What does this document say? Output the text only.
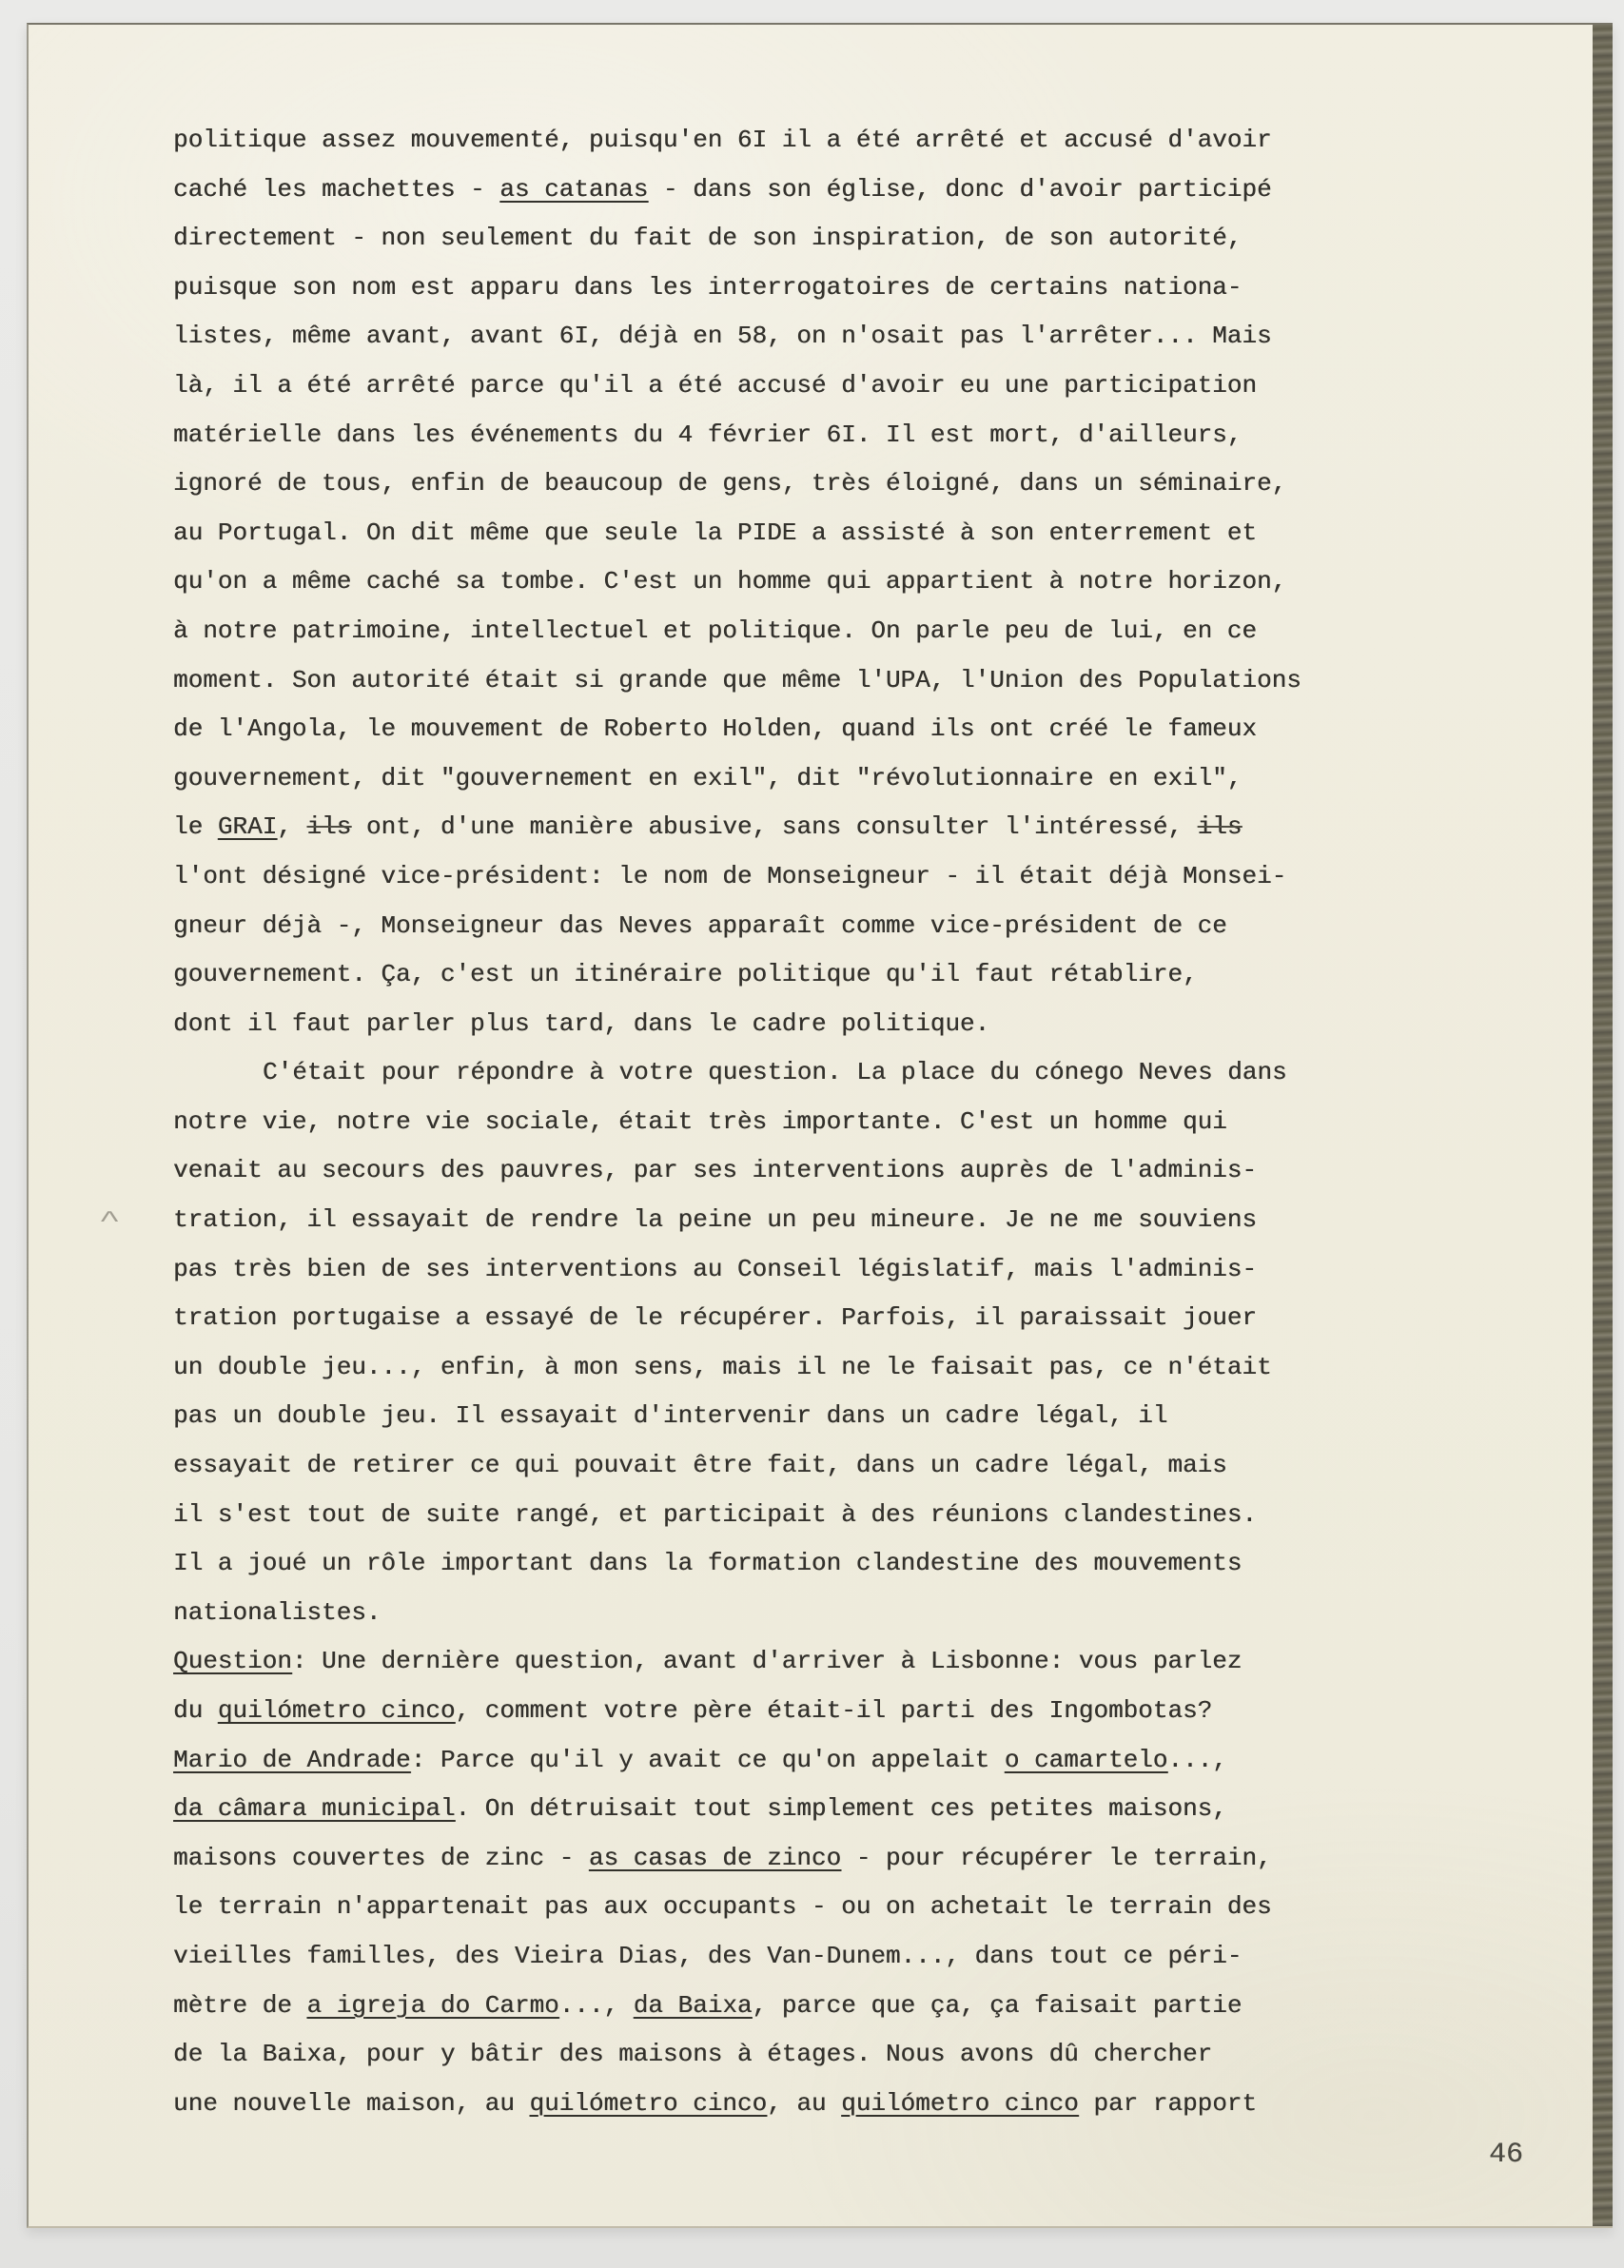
^
politique assez mouvementé, puisqu'en 6I il a été arrêté et accusé d'avoir
caché les machettes - as catanas - dans son église, donc d'avoir participé
directement - non seulement du fait de son inspiration, de son autorité,
puisque son nom est apparu dans les interrogatoires de certains nationa-
listes, même avant, avant 6I, déjà en 58, on n'osait pas l'arrêter... Mais
là, il a été arrêté parce qu'il a été accusé d'avoir eu une participation
matérielle dans les événements du 4 février 6I. Il est mort, d'ailleurs,
ignoré de tous, enfin de beaucoup de gens, très éloigné, dans un séminaire,
au Portugal. On dit même que seule la PIDE a assisté à son enterrement et
qu'on a même caché sa tombe. C'est un homme qui appartient à notre horizon,
à notre patrimoine, intellectuel et politique. On parle peu de lui, en ce
moment. Son autorité était si grande que même l'UPA, l'Union des Populations
de l'Angola, le mouvement de Roberto Holden, quand ils ont créé le fameux
gouvernement, dit "gouvernement en exil", dit "révolutionnaire en exil",
le GRAI, ils ont, d'une manière abusive, sans consulter l'intéressé, ils
l'ont désigné vice-président: le nom de Monseigneur - il était déjà Monsei-
gneur déjà -, Monseigneur das Neves apparaît comme vice-président de ce
gouvernement. Ça, c'est un itinéraire politique qu'il faut rétablire,
dont il faut parler plus tard, dans le cadre politique.
C'était pour répondre à votre question. La place du cónego Neves dans
notre vie, notre vie sociale, était très importante. C'est un homme qui
venait au secours des pauvres, par ses interventions auprès de l'adminis-
tration, il essayait de rendre la peine un peu mineure. Je ne me souviens
pas très bien de ses interventions au Conseil législatif, mais l'adminis-
tration portugaise a essayé de le récupérer. Parfois, il paraissait jouer
un double jeu..., enfin, à mon sens, mais il ne le faisait pas, ce n'était
pas un double jeu. Il essayait d'intervenir dans un cadre légal, il
essayait de retirer ce qui pouvait être fait, dans un cadre légal, mais
il s'est tout de suite rangé, et participait à des réunions clandestines.
Il a joué un rôle important dans la formation clandestine des mouvements
nationalistes.
Question: Une dernière question, avant d'arriver à Lisbonne: vous parlez
du quilómetro cinco, comment votre père était-il parti des Ingombotas?
Mario de Andrade: Parce qu'il y avait ce qu'on appelait o camartelo...,
da câmara municipal. On détruisait tout simplement ces petites maisons,
maisons couvertes de zinc - as casas de zinco - pour récupérer le terrain,
le terrain n'appartenait pas aux occupants - ou on achetait le terrain des
vieilles familles, des Vieira Dias, des Van-Dunem..., dans tout ce péri-
mètre de a igreja do Carmo..., da Baixa, parce que ça, ça faisait partie
de la Baixa, pour y bâtir des maisons à étages. Nous avons dû chercher
une nouvelle maison, au quilómetro cinco, au quilómetro cinco par rapport
46
